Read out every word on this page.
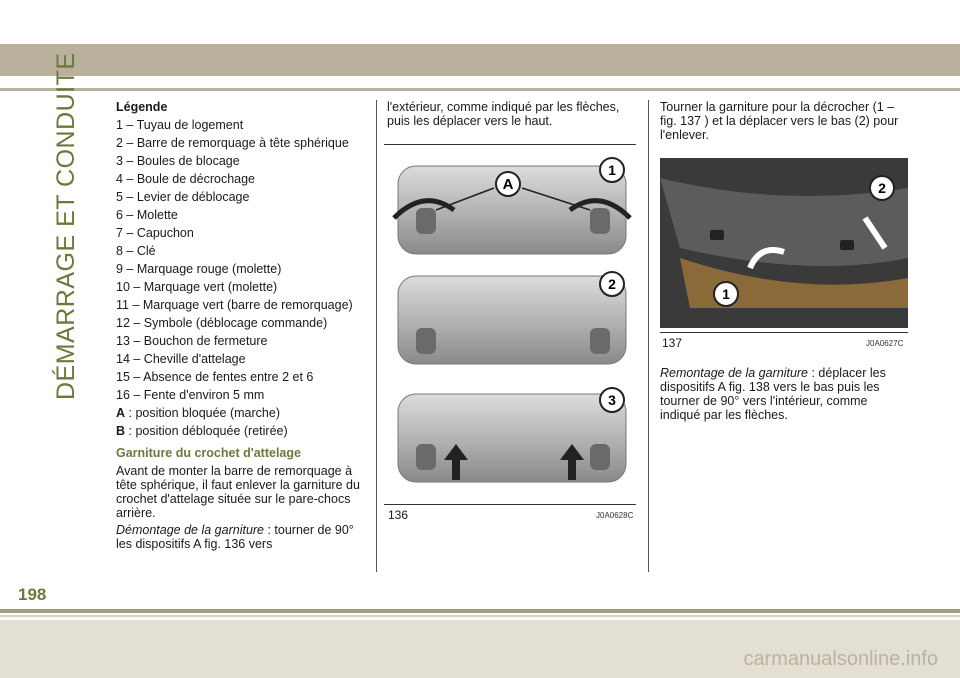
DÉMARRAGE ET CONDUITE	Légende

1 – Tuyau de logement

2 – Barre de remorquage à tête sphérique

3 – Boules de blocage

4 – Boule de décrochage

5 – Levier de déblocage

6 – Molette

7 – Capuchon

8 – Clé

9 – Marquage rouge (molette)

10 – Marquage vert (molette)

11 – Marquage vert (barre de remorquage)

12 – Symbole (déblocage commande)

13 – Bouchon de fermeture

14 – Cheville d'attelage

15 – Absence de fentes entre 2 et 6

16 – Fente d'environ 5 mm

A : position bloquée (marche)

B : position débloquée (retirée)

Garniture du crochet d'attelage

Avant de monter la barre de remorquage à tête sphérique, il faut enlever la garniture du crochet d'attelage située sur le pare-chocs arrière.

Démontage de la garniture : tourner de 90° les dispositifs A fig. 136 vers

l'extérieur, comme indiqué par les flèches, puis les déplacer vers le haut.

A
1
2
3
136	J0A0628C

Tourner la garniture pour la décrocher (1 – fig. 137 ) et la déplacer vers le bas (2) pour l'enlever.

1
2
137	J0A0627C

Remontage de la garniture : déplacer les dispositifs A fig. 138 vers le bas puis les tourner de 90° vers l'intérieur, comme indiqué par les flèches.

198
carmanualsonline.info
